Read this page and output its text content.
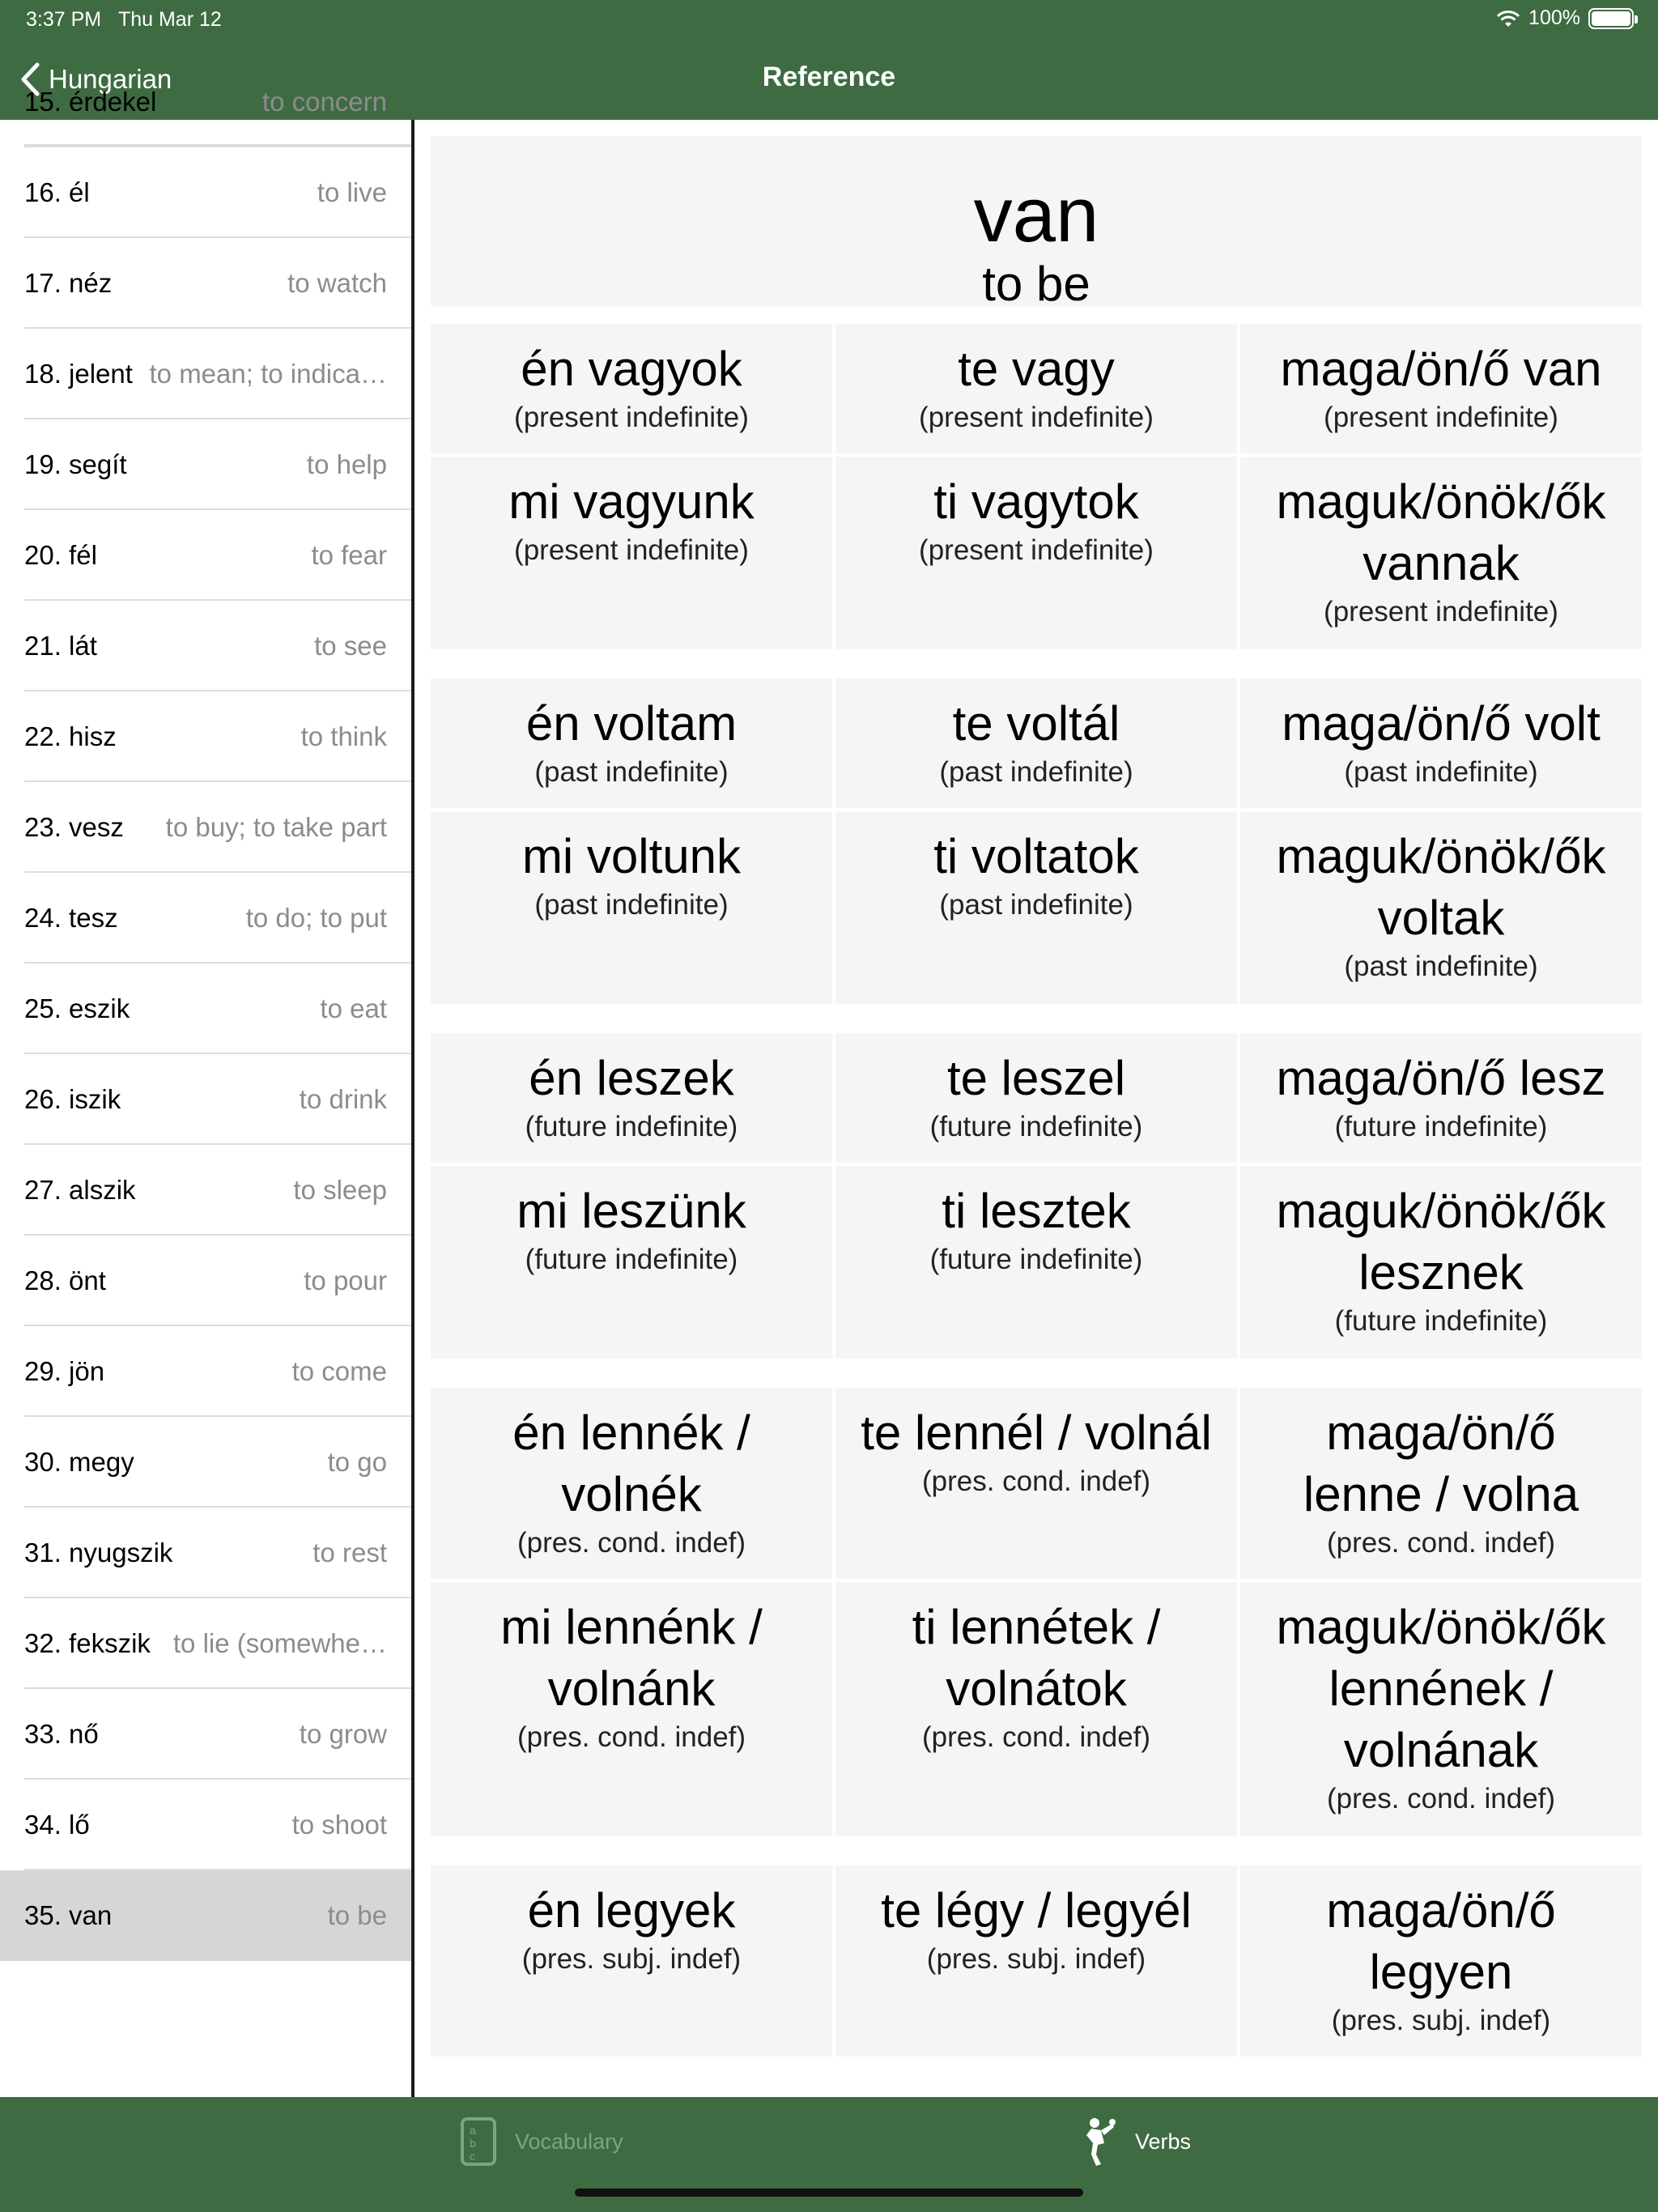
3:37 PM Thu Mar 12	100%
Hungarian	Reference
15. érdekel	to concern
16. él	to live
17. néz	to watch
18. jelent to mean; to indica…
19. segít	to help
20. fél	to fear
21. lát	to see
22. hisz	to think
23. vesz to buy; to take part
24. tesz	to do; to put
25. eszik	to eat
26. iszik	to drink
27. alszik	to sleep
28. önt	to pour
29. jön	to come
30. megy	to go
31. nyugszik	to rest
32. fekszik to lie (somewhe…
33. nő	to grow
34. lő	to shoot
35. van	to be
van
to be
én vagyok
(present indefinite)
te vagy
(present indefinite)
maga/ön/ő van
(present indefinite)
mi vagyunk
(present indefinite)
ti vagytok
(present indefinite)
maguk/önök/ők
vannak
(present indefinite)
én voltam
(past indefinite)
te voltál
(past indefinite)
maga/ön/ő volt
(past indefinite)
mi voltunk
(past indefinite)
ti voltatok
(past indefinite)
maguk/önök/ők
voltak
(past indefinite)
én leszek
(future indefinite)
te leszel
(future indefinite)
maga/ön/ő lesz
(future indefinite)
mi leszünk
(future indefinite)
ti lesztek
(future indefinite)
maguk/önök/ők
lesznek
(future indefinite)
én lennék /
volnék
(pres. cond. indef)
te lennél / volnál
(pres. cond. indef)
maga/ön/ő
lenne / volna
(pres. cond. indef)
mi lennénk /
volnánk
(pres. cond. indef)
ti lennétek /
volnátok
(pres. cond. indef)
maguk/önök/ők
lennének /
volnának
(pres. cond. indef)
én legyek
(pres. subj. indef)
te légy / legyél
(pres. subj. indef)
maga/ön/ő
legyen
(pres. subj. indef)
a
b
c
Vocabulary	Verbs
